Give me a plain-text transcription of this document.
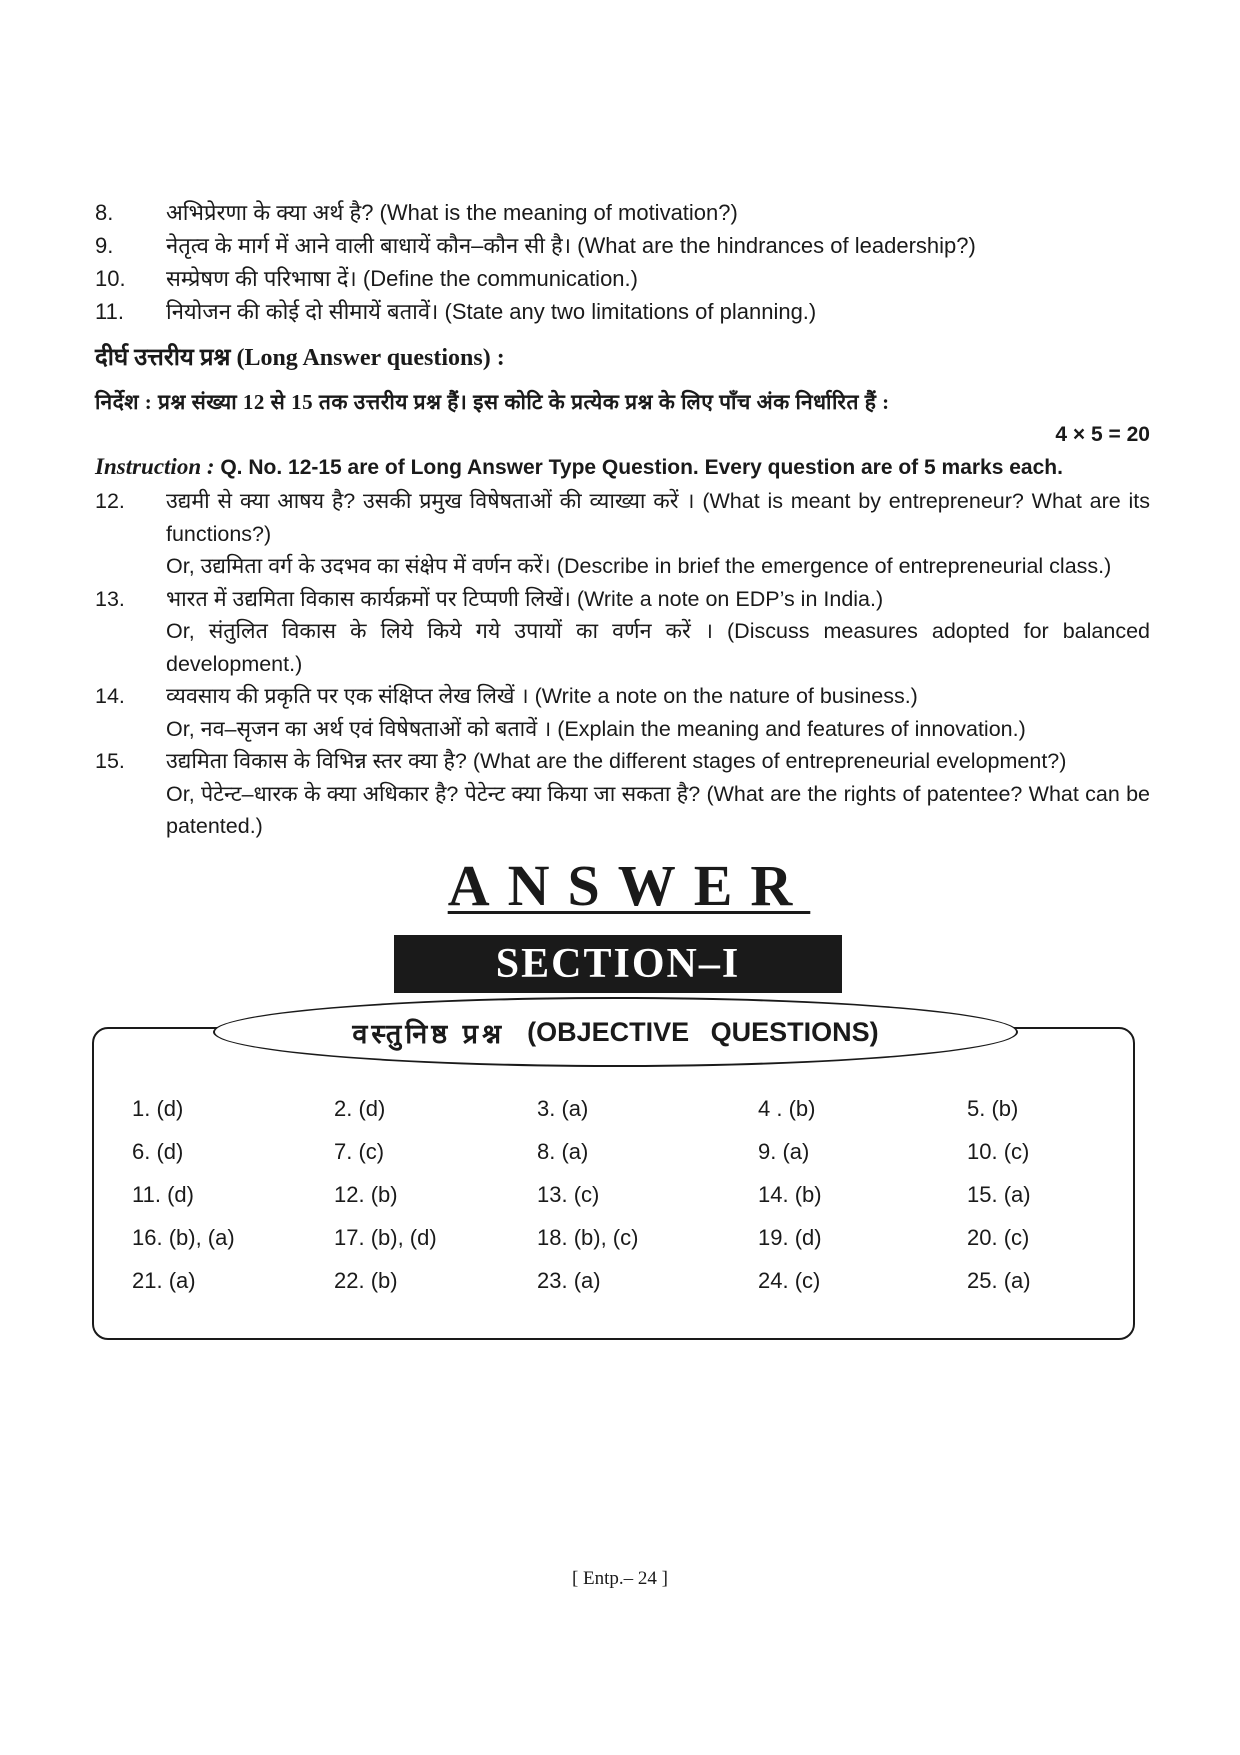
8.	अभिप्रेरणा के क्या अर्थ है? (What is the meaning of motivation?)
9.	नेतृत्व के मार्ग में आने वाली बाधायें कौन–कौन सी है। (What are the hindrances of leadership?)
10.	सम्प्रेषण की परिभाषा दें। (Define the communication.)
11.	नियोजन की कोई दो सीमायें बतावें। (State any two limitations of planning.)
दीर्घ उत्तरीय प्रश्न (Long Answer questions) :
निर्देश : प्रश्न संख्या 12 से 15 तक उत्तरीय प्रश्न हैं। इस कोटि के प्रत्येक प्रश्न के लिए पाँच अंक निर्धारित हैं :
4 × 5 = 20
Instruction : Q. No. 12-15 are of Long Answer Type Question. Every question are of 5 marks each.
12.	उद्यमी से क्या आषय है? उसकी प्रमुख विषेषताओं की व्याख्या करें । (What is meant by entrepreneur? What are its functions?)

Or, उद्यमिता वर्ग के उदभव का संक्षेप में वर्णन करें। (Describe in brief the emergence of entrepreneurial class.)

13.	भारत में उद्यमिता विकास कार्यक्रमों पर टिप्पणी लिखें। (Write a note on EDP’s in India.)

Or, संतुलित विकास के लिये किये गये उपायों का वर्णन करें । (Discuss measures adopted for balanced development.)

14.	व्यवसाय की प्रकृति पर एक संक्षिप्त लेख लिखें । (Write a note on the nature of business.)

Or, नव–सृजन का अर्थ एवं विषेषताओं को बतावें । (Explain the meaning and features of innovation.)

15.	उद्यमिता विकास के विभिन्न स्तर क्या है? (What are the different stages of entrepreneurial evelopment?)

Or, पेटेन्ट–धारक के क्या अधिकार है? पेटेन्ट क्या किया जा सकता है? (What are the rights of patentee? What can be patented.)

ANSWER
SECTION–I
वस्तुनिष्ठ प्रश्न (OBJECTIVE QUESTIONS)
1. (d)	2. (d)	3. (a)	4 . (b)	5. (b)
6. (d)	7. (c)	8. (a)	9. (a)	10. (c)
11. (d)	12. (b)	13. (c)	14. (b)	15. (a)
16. (b), (a)	17. (b), (d)	18. (b), (c)	19. (d)	20. (c)
21. (a)	22. (b)	23. (a)	24. (c)	25. (a)
[ Entp.– 24 ]
